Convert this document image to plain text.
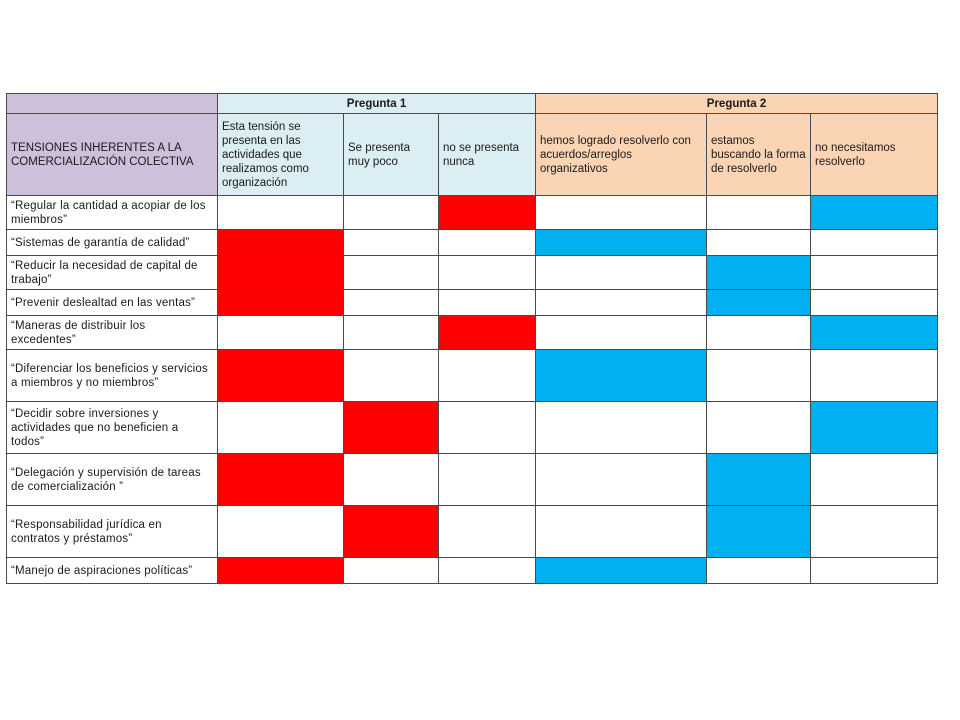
	Pregunta 1			Pregunta 2		
TENSIONES INHERENTES A LA COMERCIALIZACIÓN COLECTIVA	Esta tensión se presenta en las actividades que realizamos como organización	Se presenta muy poco	no se presenta nunca	hemos logrado resolverlo con acuerdos/arreglos organizativos	estamos buscando la forma de resolverlo	no necesitamos resolverlo
“Regular la cantidad a acopiar de los miembros”						
“Sistemas de garantía de calidad”						
“Reducir la necesidad de capital de trabajo”						
“Prevenir deslealtad en las ventas”						
“Maneras de distribuir los excedentes”						
“Diferenciar los beneficios y servicios a miembros y no miembros”						
“Decidir sobre inversiones y actividades que no beneficien a todos”						
“Delegación y supervisión de tareas de comercialización ”						
“Responsabilidad jurídica en contratos y préstamos”						
“Manejo de aspiraciones políticas”						
